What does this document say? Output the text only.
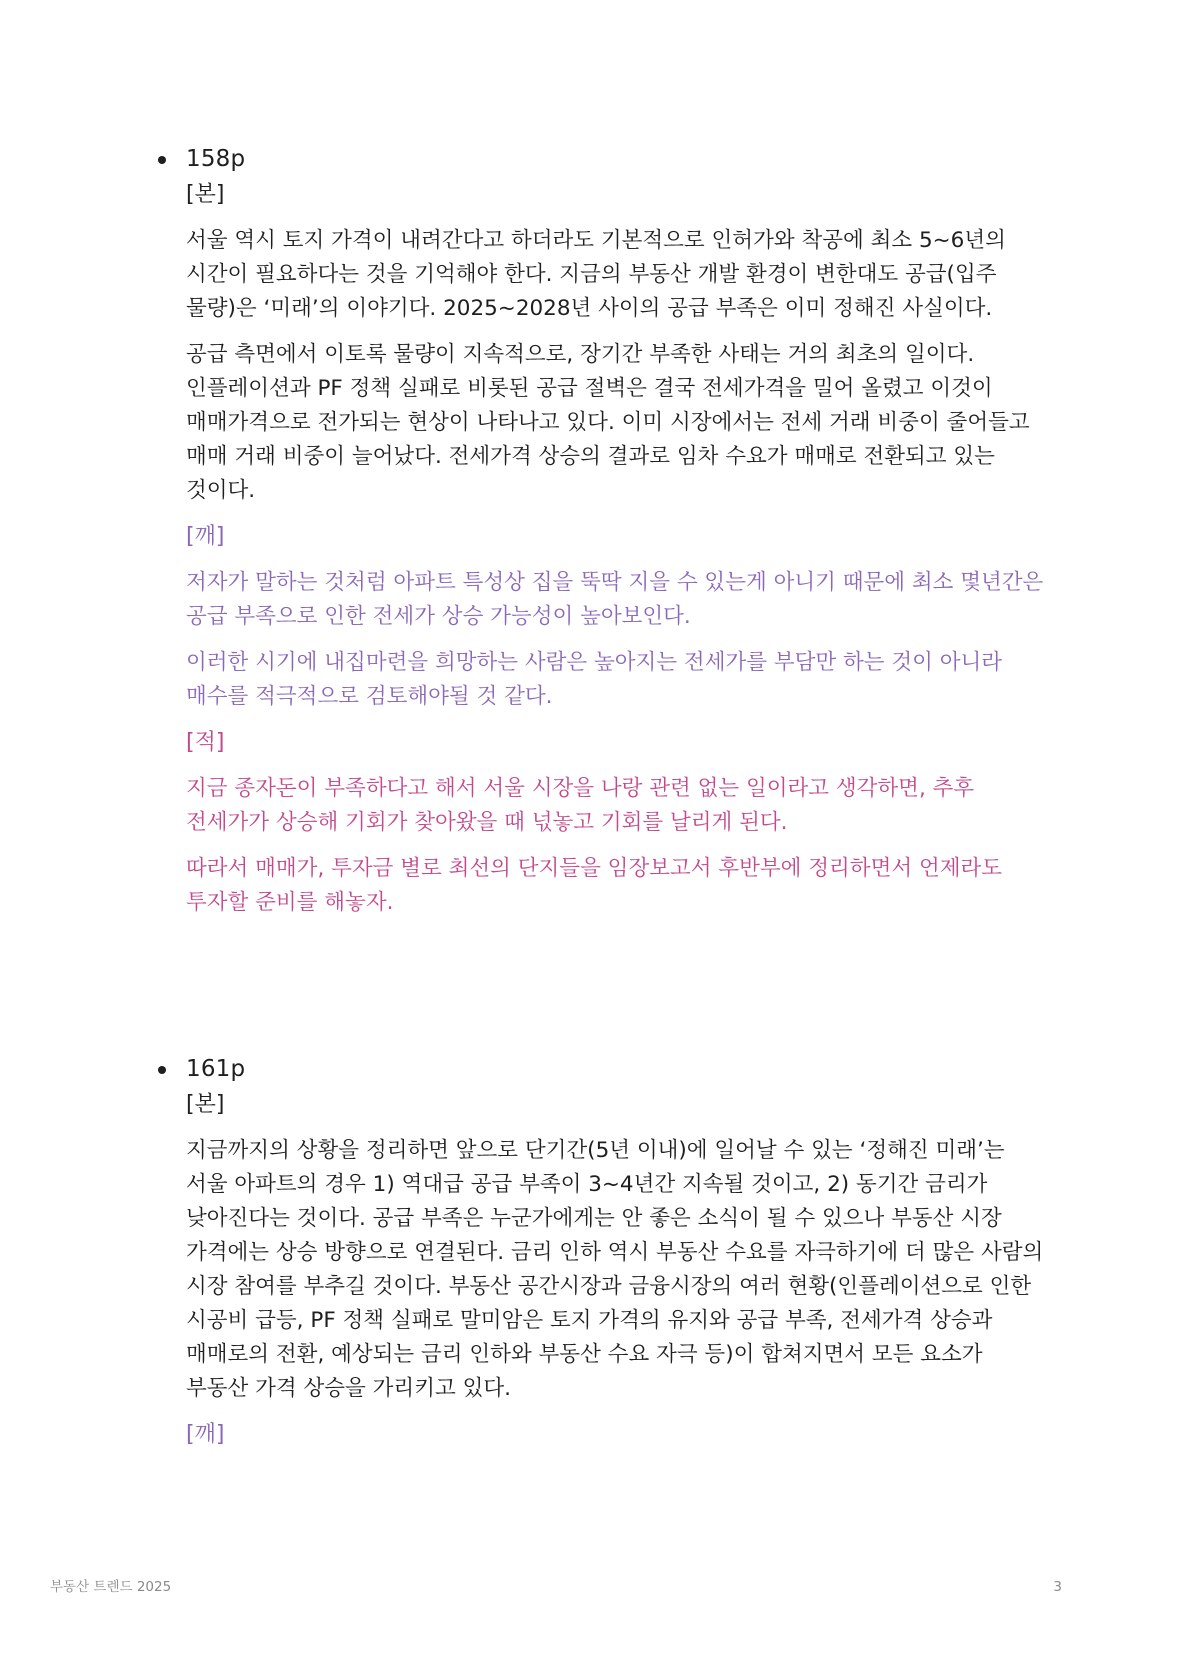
158p

[본]

서울 역시 토지 가격이 내려간다고 하더라도 기본적으로 인허가와 착공에 최소 5~6년의 시간이 필요하다는 것을 기억해야 한다. 지금의 부동산 개발 환경이 변한대도 공급(입주 물량)은 ‘미래’의 이야기다. 2025~2028년 사이의 공급 부족은 이미 정해진 사실이다.

공급 측면에서 이토록 물량이 지속적으로, 장기간 부족한 사태는 거의 최초의 일이다. 인플레이션과 PF 정책 실패로 비롯된 공급 절벽은 결국 전세가격을 밀어 올렸고 이것이 매매가격으로 전가되는 현상이 나타나고 있다. 이미 시장에서는 전세 거래 비중이 줄어들고 매매 거래 비중이 늘어났다. 전세가격 상승의 결과로 임차 수요가 매매로 전환되고 있는 것이다.

[깨]

저자가 말하는 것처럼 아파트 특성상 집을 뚝딱 지을 수 있는게 아니기 때문에 최소 몇년간은 공급 부족으로 인한 전세가 상승 가능성이 높아보인다.

이러한 시기에 내집마련을 희망하는 사람은 높아지는 전세가를 부담만 하는 것이 아니라 매수를 적극적으로 검토해야될 것 같다.

[적]

지금 종자돈이 부족하다고 해서 서울 시장을 나랑 관련 없는 일이라고 생각하면, 추후 전세가가 상승해 기회가 찾아왔을 때 넋놓고 기회를 날리게 된다.

따라서 매매가, 투자금 별로 최선의 단지들을 임장보고서 후반부에 정리하면서 언제라도 투자할 준비를 해놓자.

161p

[본]

지금까지의 상황을 정리하면 앞으로 단기간(5년 이내)에 일어날 수 있는 ‘정해진 미래’는 서울 아파트의 경우 1) 역대급 공급 부족이 3~4년간 지속될 것이고, 2) 동기간 금리가 낮아진다는 것이다. 공급 부족은 누군가에게는 안 좋은 소식이 될 수 있으나 부동산 시장 가격에는 상승 방향으로 연결된다. 금리 인하 역시 부동산 수요를 자극하기에 더 많은 사람의 시장 참여를 부추길 것이다. 부동산 공간시장과 금융시장의 여러 현황(인플레이션으로 인한 시공비 급등, PF 정책 실패로 말미암은 토지 가격의 유지와 공급 부족, 전세가격 상승과 매매로의 전환, 예상되는 금리 인하와 부동산 수요 자극 등)이 합쳐지면서 모든 요소가 부동산 가격 상승을 가리키고 있다.

[깨]

부동산 트렌드 2025	3
